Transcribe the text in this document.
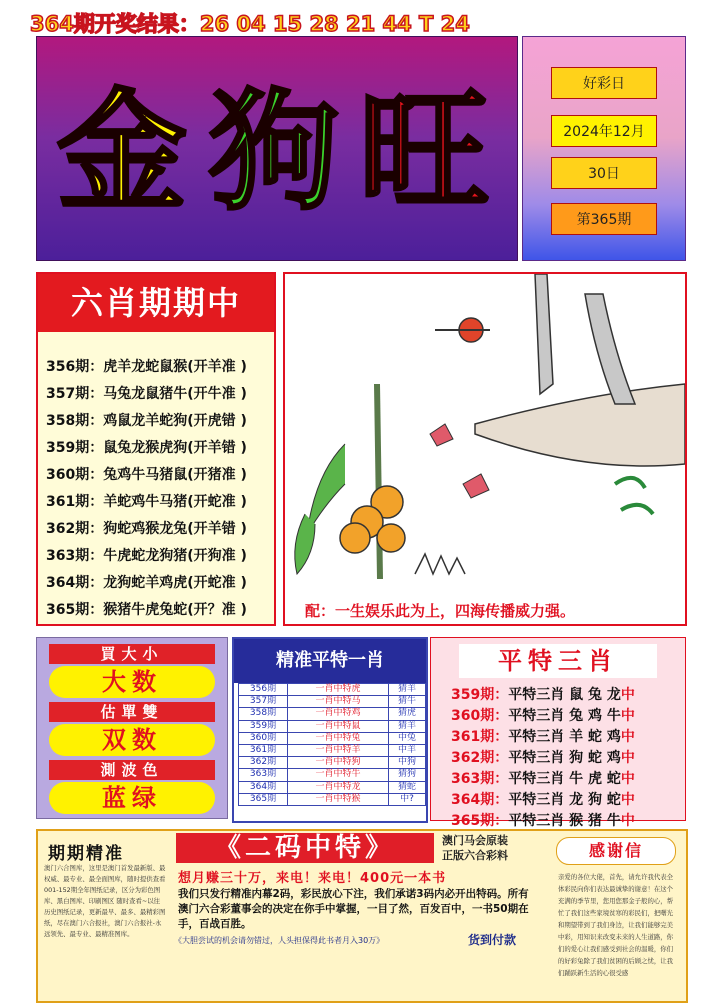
364期开奖结果：26 04 15 28 21 44 T 24
金 狗 旺	好彩日
2024年12月
30日
第365期
六肖期期中
356期：虎羊龙蛇鼠猴(开羊准 )
357期：马兔龙鼠猪牛(开牛准 )
358期：鸡鼠龙羊蛇狗(开虎错 )
359期：鼠兔龙猴虎狗(开羊错 )
360期：兔鸡牛马猪鼠(开猪准 )
361期：羊蛇鸡牛马猪(开蛇准 )
362期：狗蛇鸡猴龙兔(开羊错 )
363期：牛虎蛇龙狗猪(开狗准 )
364期：龙狗蛇羊鸡虎(开蛇准 )
365期：猴猪牛虎兔蛇(开？准 )	配：一生娱乐此为上，四海传播威力强。
買大小
大数
估單雙
双数
測波色
蓝绿
精准平特一肖
356期	一肖中特虎	猜羊
357期	一肖中特马	猜牛
358期	一肖中特鸡	猜虎
359期	一肖中特鼠	猜羊
360期	一肖中特兔	中兔
361期	一肖中特羊	中羊
362期	一肖中特狗	中狗
363期	一肖中特牛	猜狗
364期	一肖中特龙	猜蛇
365期	一肖中特猴	中?
平特三肖
359期：平特三肖 鼠 兔 龙中
360期：平特三肖 兔 鸡 牛中
361期：平特三肖 羊 蛇 鸡中
362期：平特三肖 狗 蛇 鸡中
363期：平特三肖 牛 虎 蛇中
364期：平特三肖 龙 狗 蛇中
365期：平特三肖 猴 猪 牛中
期期精准
澳门六合图库，这里是澳门首发最新版、最权威、最专业、最全面图库，随时提供查看001-152期全年图纸记录，区分为彩色图库、黑白图库、印刷图区 随时查看~以往历史图纸记录，更新最早、最多、最精彩图纸，尽在澳门六合报社，澳门六合报社-永远领先、最专业、最精准图库。
《二码中特》	澳门马会原装
正版六合彩料
想月赚三十万，来电！来电！400元一本书
我们只发行精准内幕2码，彩民放心下注，我们承诺3码内必开出特码。所有澳门六合彩董事会的决定在你手中掌握，一目了然，百发百中，一书50期在手，百战百胜。
《大胆尝试的机会请勿错过，人头担保得此书者月入30万》	货到付款
感谢信
亲爱的各位大佬，首先，请允许我代表全体彩民向你们表达最诚挚的谢意！在这个充满的季节里，您用您那金子般的心，帮忙了我们这些家境贫寒的彩民们，把曙光和期望带到了我们身边，让我们能够完美中彩，用知识来改变未来的人生道路，你们的爱心让我们感受到社会的温暖，你们的好彩兔除了我们贫困的后顾之忧，让我们踊跃新生活的心很受感
